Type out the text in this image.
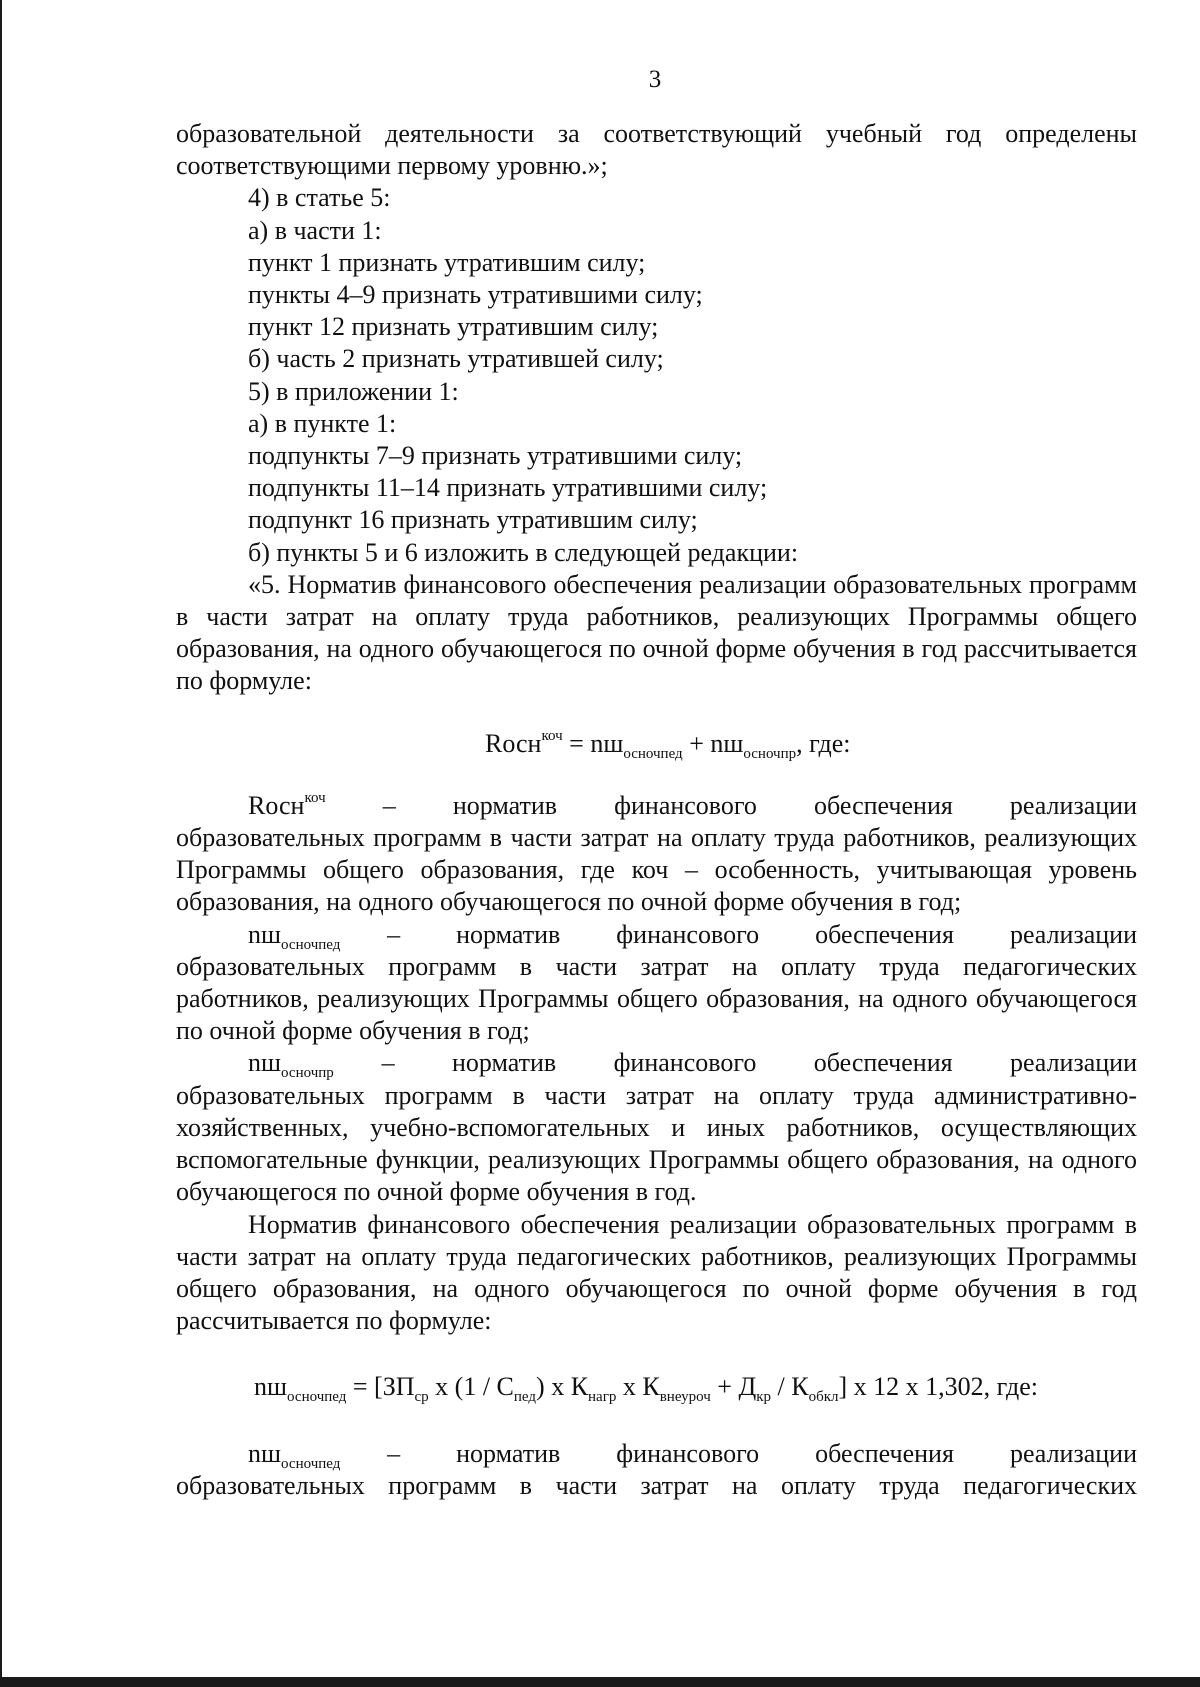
3

образовательной деятельности за соответствующий учебный год определены соответствующими первому уровню.»;

4) в статье 5:

а) в части 1:

пункт 1 признать утратившим силу;

пункты 4–9 признать утратившими силу;

пункт 12 признать утратившим силу;

б) часть 2 признать утратившей силу;

5) в приложении 1:

а) в пункте 1:

подпункты 7–9 признать утратившими силу;

подпункты 11–14 признать утратившими силу;

подпункт 16 признать утратившим силу;

б) пункты 5 и 6 изложить в следующей редакции:

«5. Норматив финансового обеспечения реализации образовательных программ в части затрат на оплату труда работников, реализующих Программы общего образования, на одного обучающегося по очной форме обучения в год рассчитывается по формуле:

Rосн$^{коч}$ = $nш_{осночпед} + nш_{осночпр}$, где:

Rосн$^{коч}$ –      норматив      финансового      обеспечения      реализации

образовательных программ в части затрат на оплату труда работников, реализующих Программы общего образования, где коч – особенность, учитывающая уровень образования, на одного обучающегося по очной форме обучения в год;

$nш_{осночпед}$ –      норматив      финансового      обеспечения      реализации

образовательных программ в части затрат на оплату труда педагогических работников, реализующих Программы общего образования, на одного обучающегося по очной форме обучения в год;

$nш_{осночпр}$ –      норматив      финансового      обеспечения      реализации

образовательных программ в части затрат на оплату труда административно-хозяйственных, учебно-вспомогательных и иных работников, осуществляющих вспомогательные функции, реализующих Программы общего образования, на одного обучающегося по очной форме обучения в год.

Норматив финансового обеспечения реализации образовательных программ в части затрат на оплату труда педагогических работников, реализующих Программы общего образования, на одного обучающегося по очной форме обучения в год рассчитывается по формуле:

$nш_{осночпед} = [ЗП_{ср}$ х $(1 / С_{пед})$ х $К_{нагр}$ х $К_{внеуроч} + Д_{кр} / К_{обкл}$] х 12 х 1,302, где:

$nш_{осночпед}$ –      норматив      финансового      обеспечения      реализации

образовательных программ в части затрат на оплату труда педагогических
